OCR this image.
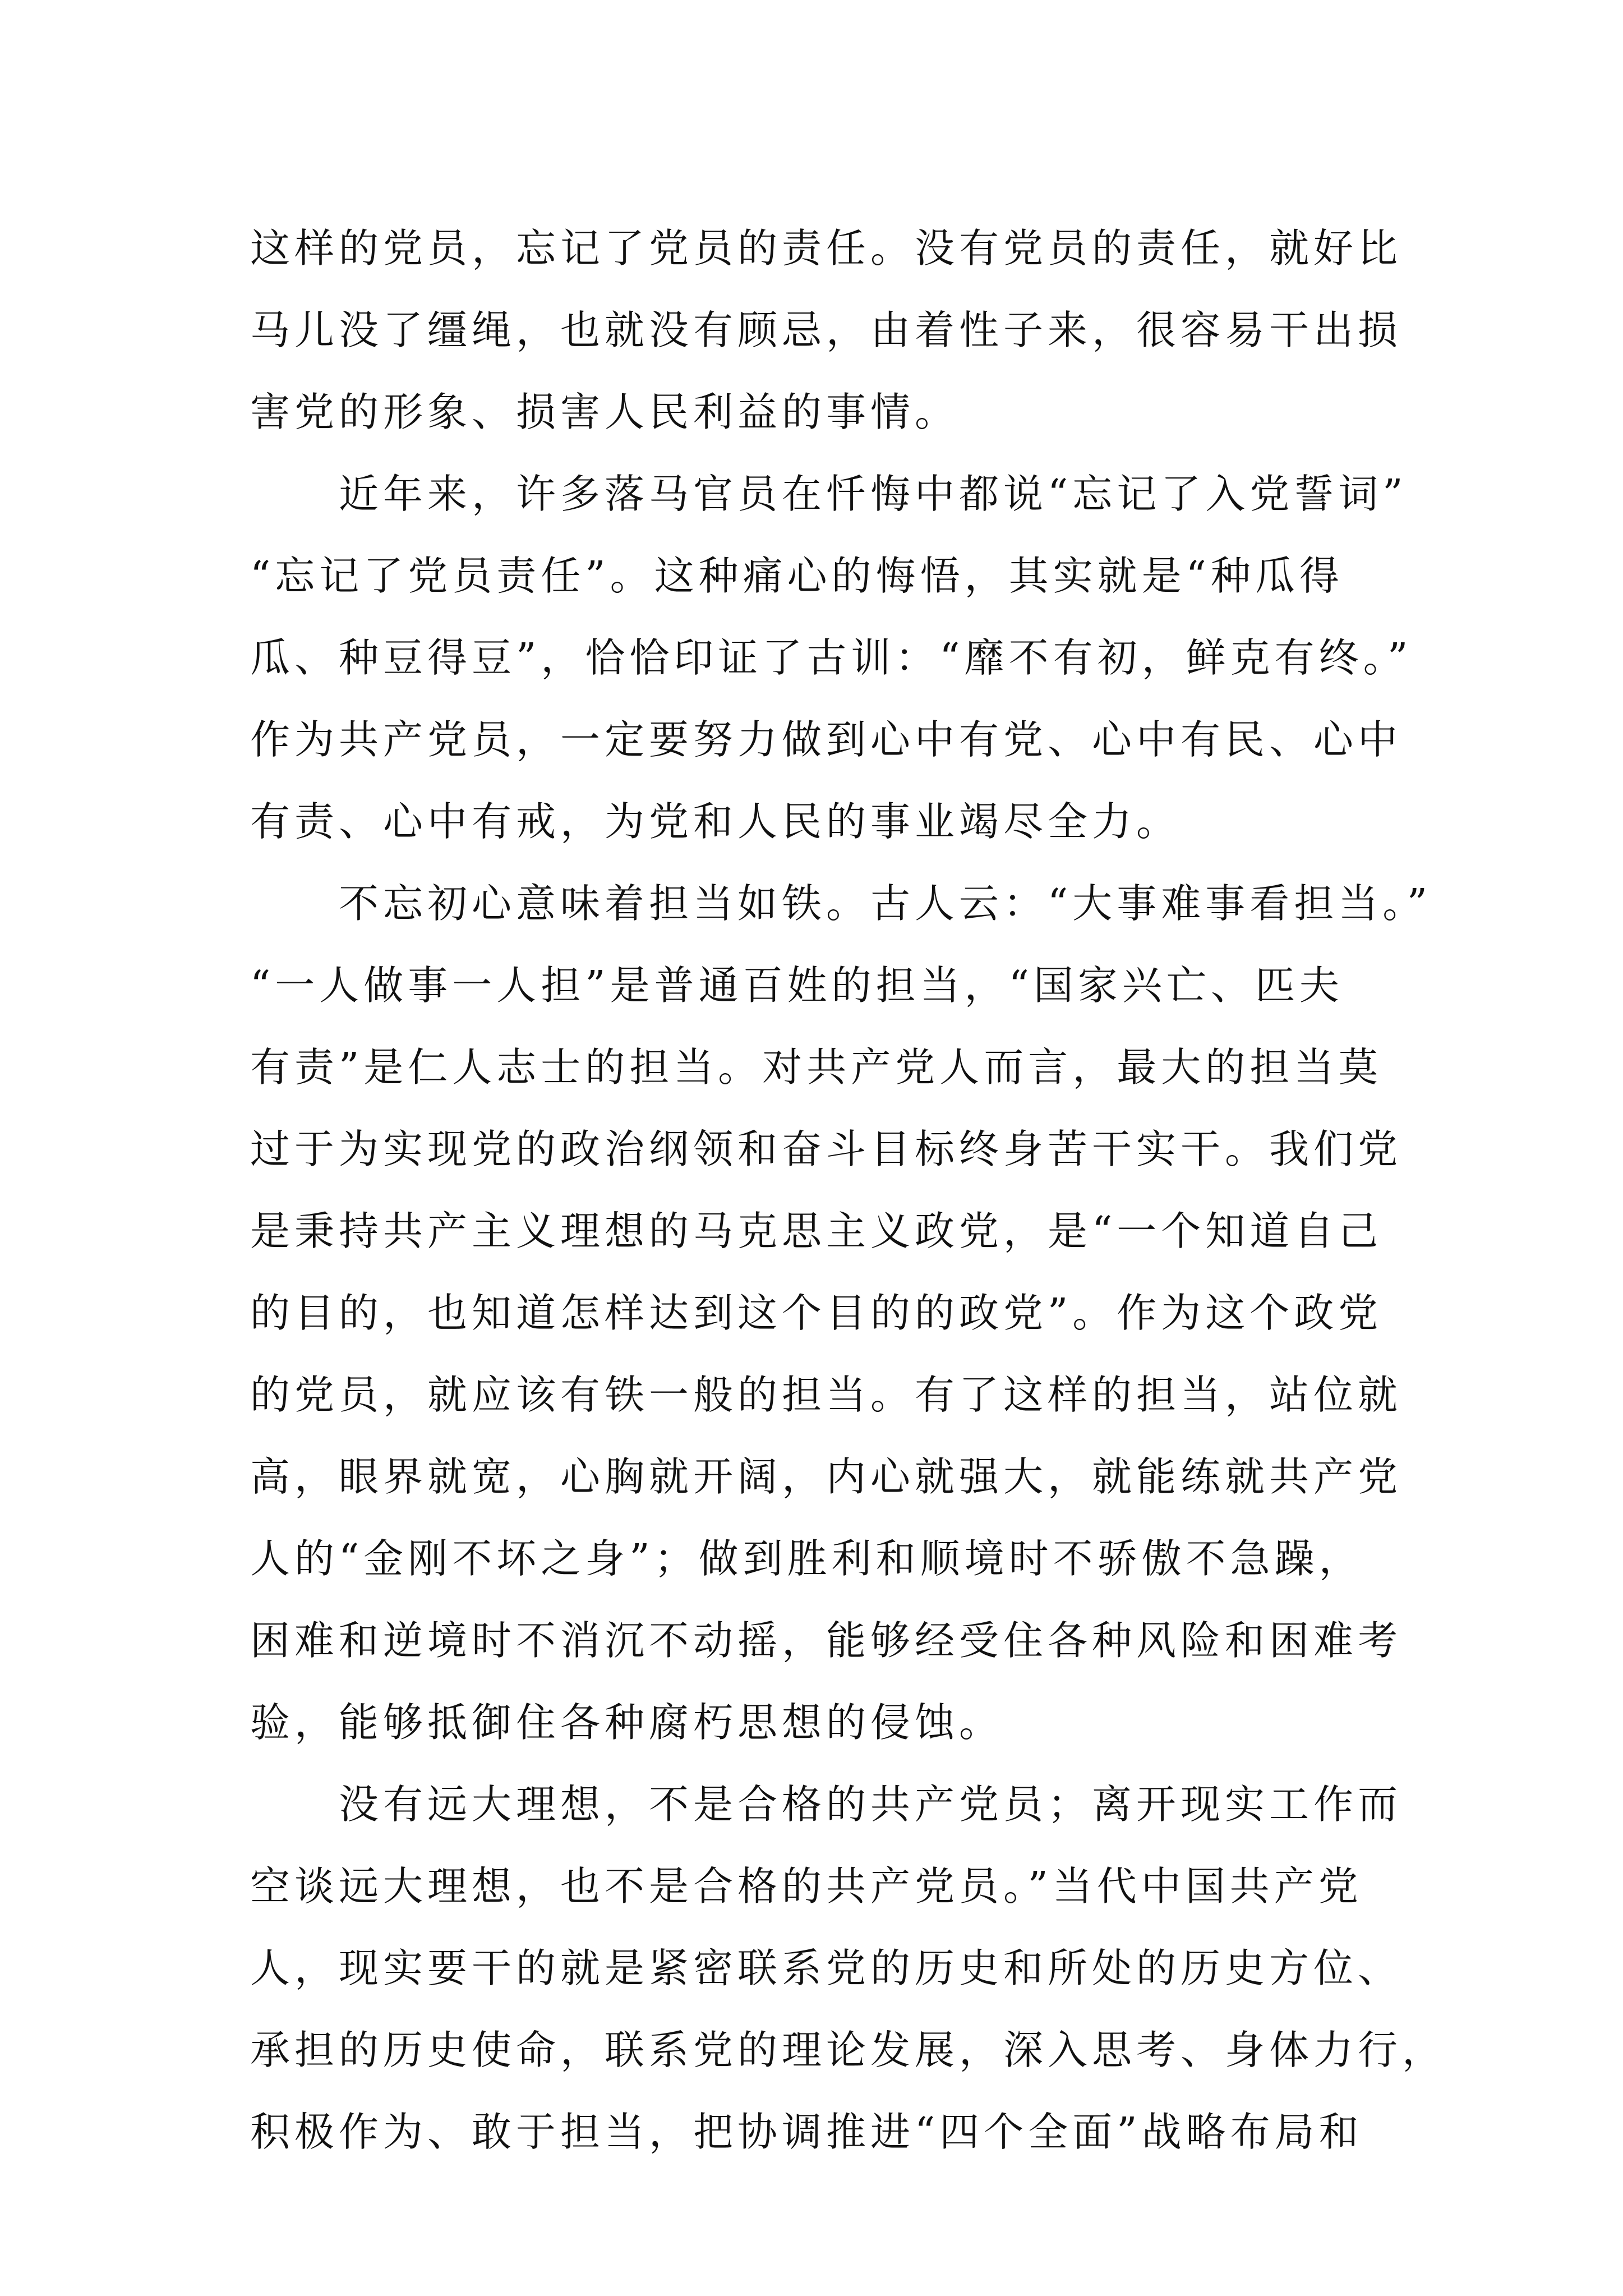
这样的党员，忘记了党员的责任。没有党员的责任，就好比
马儿没了缰绳，也就没有顾忌，由着性子来，很容易干出损
害党的形象、损害人民利益的事情。
　　近年来，许多落马官员在忏悔中都说“忘记了入党誓词”
“忘记了党员责任”。这种痛心的悔悟，其实就是“种瓜得
瓜、种豆得豆”，恰恰印证了古训：“靡不有初，鲜克有终。”
作为共产党员，一定要努力做到心中有党、心中有民、心中
有责、心中有戒，为党和人民的事业竭尽全力。
　　不忘初心意味着担当如铁。古人云：“大事难事看担当。”
“一人做事一人担”是普通百姓的担当，“国家兴亡、匹夫
有责”是仁人志士的担当。对共产党人而言，最大的担当莫
过于为实现党的政治纲领和奋斗目标终身苦干实干。我们党
是秉持共产主义理想的马克思主义政党，是“一个知道自己
的目的，也知道怎样达到这个目的的政党”。作为这个政党
的党员，就应该有铁一般的担当。有了这样的担当，站位就
高，眼界就宽，心胸就开阔，内心就强大，就能练就共产党
人的“金刚不坏之身”；做到胜利和顺境时不骄傲不急躁，
困难和逆境时不消沉不动摇，能够经受住各种风险和困难考
验，能够抵御住各种腐朽思想的侵蚀。
　　没有远大理想，不是合格的共产党员；离开现实工作而
空谈远大理想，也不是合格的共产党员。”当代中国共产党
人，现实要干的就是紧密联系党的历史和所处的历史方位、
承担的历史使命，联系党的理论发展，深入思考、身体力行，
积极作为、敢于担当，把协调推进“四个全面”战略布局和
